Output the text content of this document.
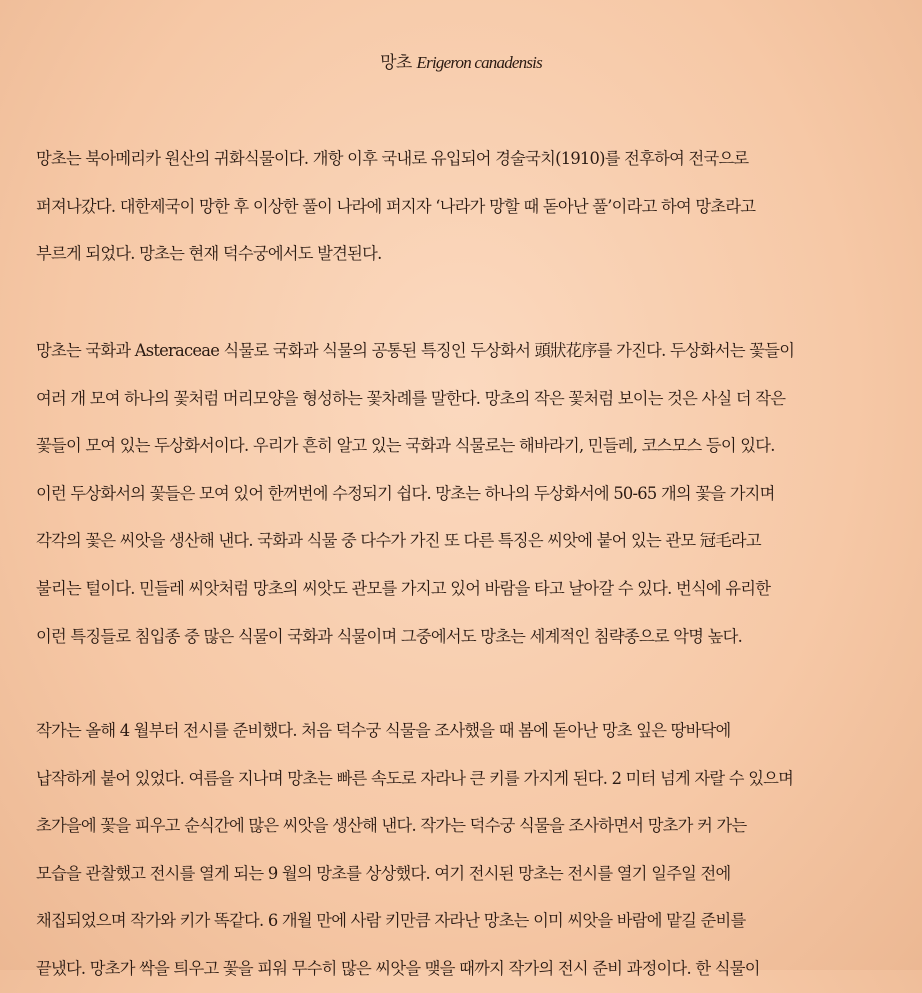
망초 Erigeron canadensis
망초는 북아메리카 원산의 귀화식물이다. 개항 이후 국내로 유입되어 경술국치(1910)를 전후하여 전국으로
퍼져나갔다. 대한제국이 망한 후 이상한 풀이 나라에 퍼지자 ‘나라가 망할 때 돋아난 풀’이라고 하여 망초라고
부르게 되었다. 망초는 현재 덕수궁에서도 발견된다.
망초는 국화과 Asteraceae 식물로 국화과 식물의 공통된 특징인 두상화서 頭狀花序를 가진다. 두상화서는 꽃들이
여러 개 모여 하나의 꽃처럼 머리모양을 형성하는 꽃차례를 말한다. 망초의 작은 꽃처럼 보이는 것은 사실 더 작은
꽃들이 모여 있는 두상화서이다. 우리가 흔히 알고 있는 국화과 식물로는 해바라기, 민들레, 코스모스 등이 있다.
이런 두상화서의 꽃들은 모여 있어 한꺼번에 수정되기 쉽다. 망초는 하나의 두상화서에 50-65 개의 꽃을 가지며
각각의 꽃은 씨앗을 생산해 낸다. 국화과 식물 중 다수가 가진 또 다른 특징은 씨앗에 붙어 있는 관모 冠毛라고
불리는 털이다. 민들레 씨앗처럼 망초의 씨앗도 관모를 가지고 있어 바람을 타고 날아갈 수 있다. 번식에 유리한
이런 특징들로 침입종 중 많은 식물이 국화과 식물이며 그중에서도 망초는 세계적인 침략종으로 악명 높다.
작가는 올해 4 월부터 전시를 준비했다. 처음 덕수궁 식물을 조사했을 때 봄에 돋아난 망초 잎은 땅바닥에
납작하게 붙어 있었다. 여름을 지나며 망초는 빠른 속도로 자라나 큰 키를 가지게 된다. 2 미터 넘게 자랄 수 있으며
초가을에 꽃을 피우고 순식간에 많은 씨앗을 생산해 낸다. 작가는 덕수궁 식물을 조사하면서 망초가 커 가는
모습을 관찰했고 전시를 열게 되는 9 월의 망초를 상상했다. 여기 전시된 망초는 전시를 열기 일주일 전에
채집되었으며 작가와 키가 똑같다. 6 개월 만에 사람 키만큼 자라난 망초는 이미 씨앗을 바람에 맡길 준비를
끝냈다. 망초가 싹을 틔우고 꽃을 피워 무수히 많은 씨앗을 맺을 때까지 작가의 전시 준비 과정이다. 한 식물이
